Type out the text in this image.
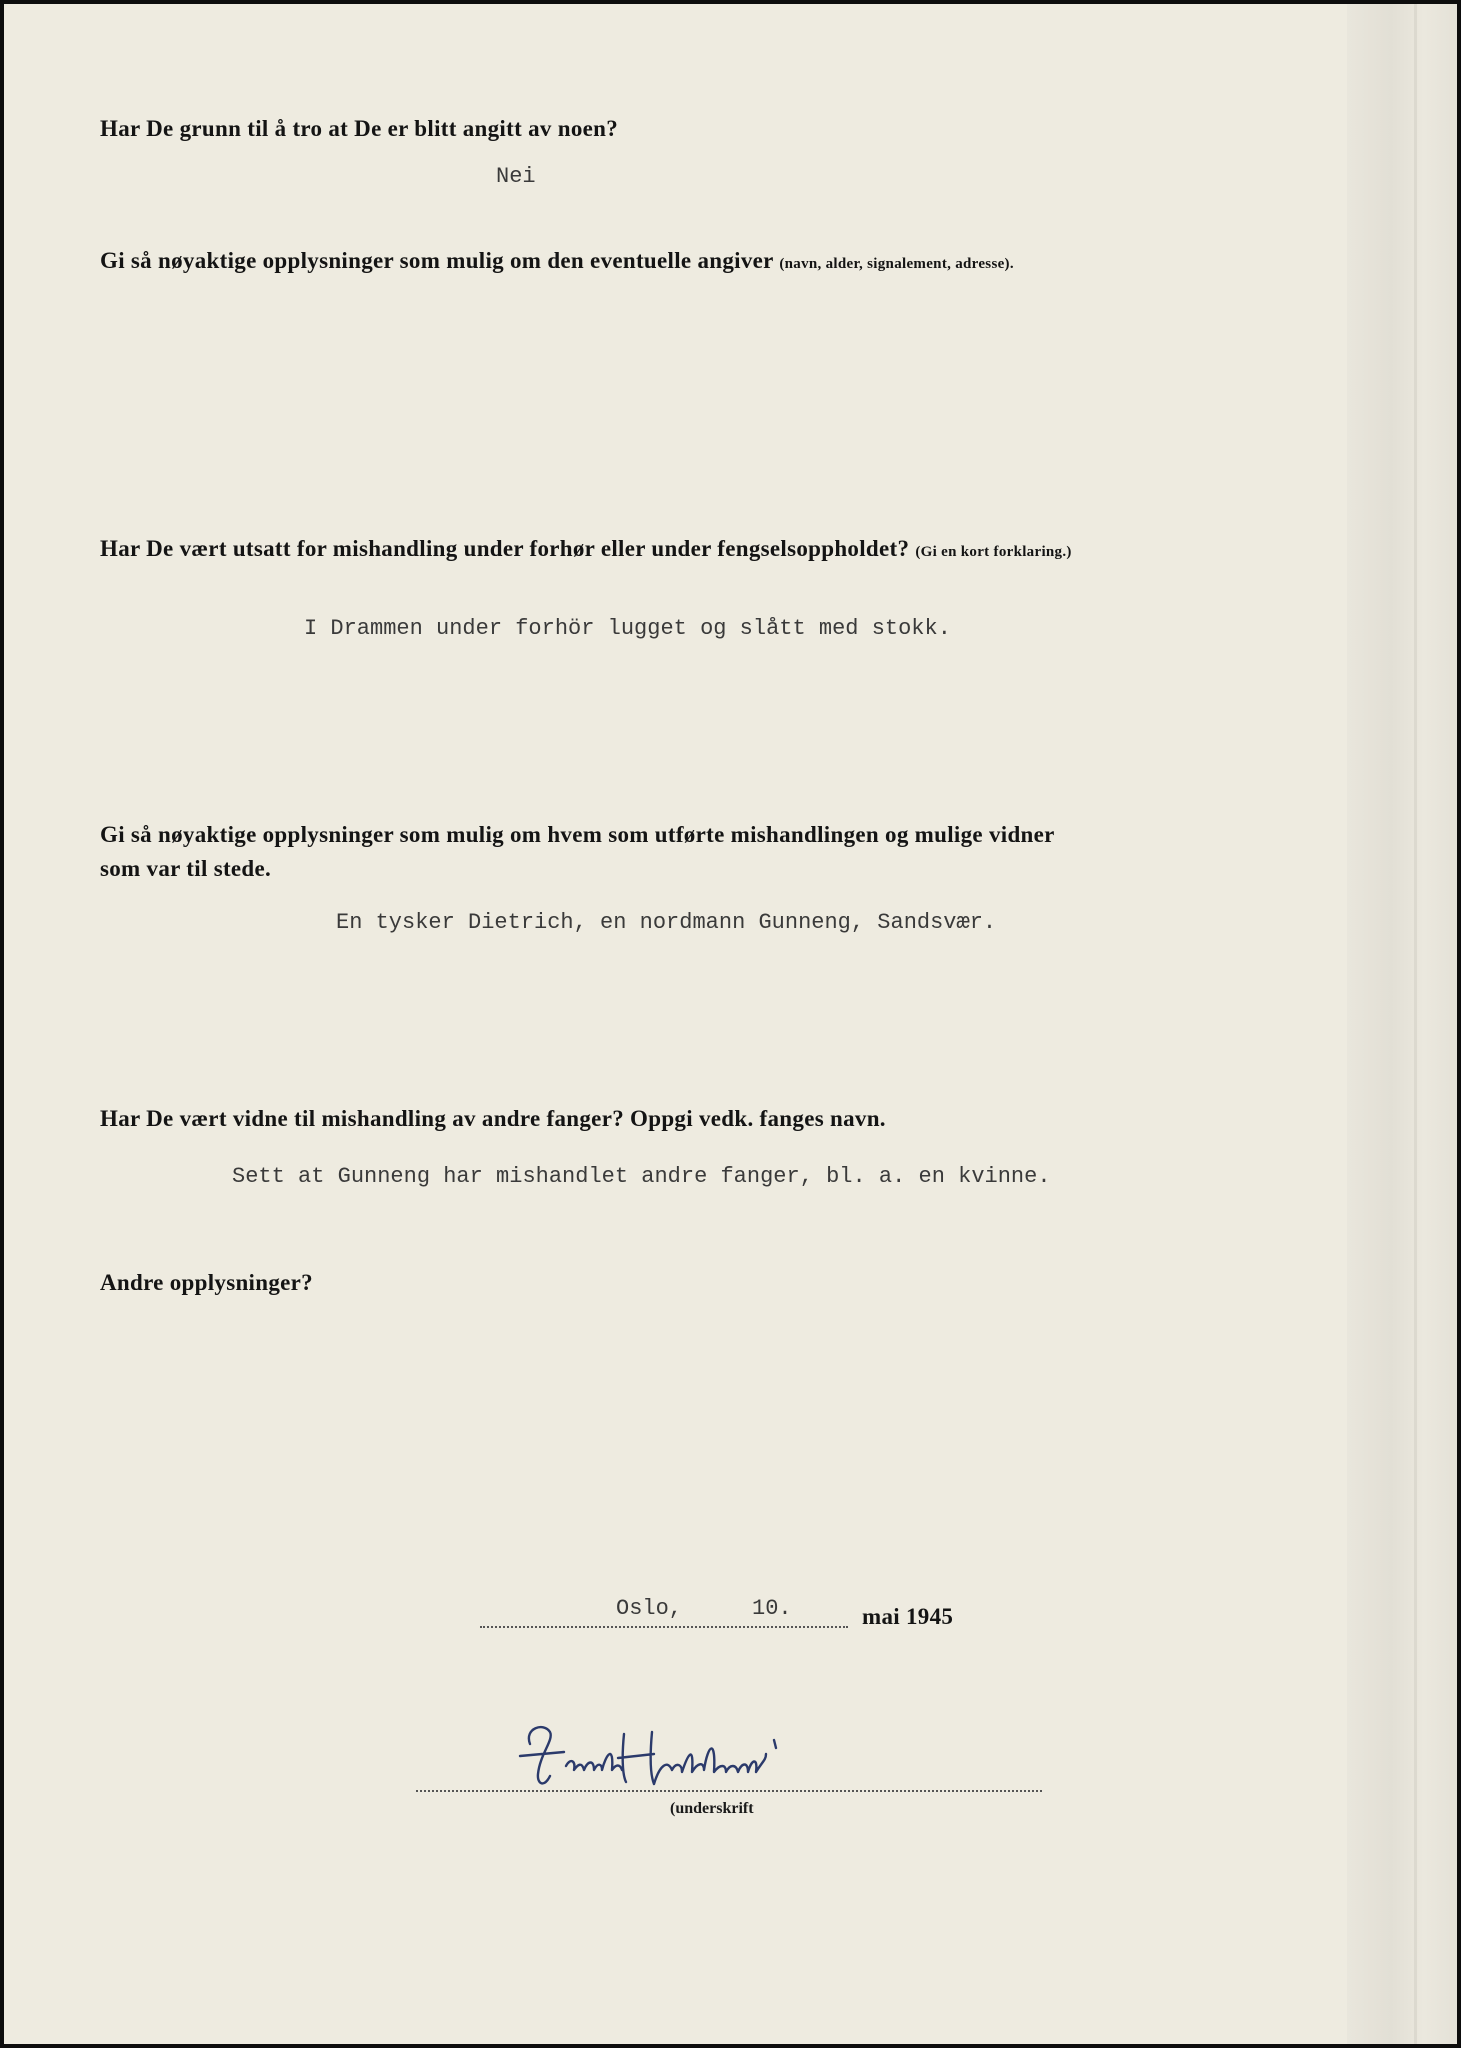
Har De grunn til å tro at De er blitt angitt av noen?
Nei
Gi så nøyaktige opplysninger som mulig om den eventuelle angiver (navn, alder, signalement, adresse).
Har De vært utsatt for mishandling under forhør eller under fengselsoppholdet? (Gi en kort forklaring.)
I Drammen under forhör lugget og slått med stokk.
Gi så nøyaktige opplysninger som mulig om hvem som utførte mishandlingen og mulige vidner
som var til stede.
En tysker Dietrich, en nordmann Gunneng, Sandsvær.
Har De vært vidne til mishandling av andre fanger? Oppgi vedk. fanges navn.
Sett at Gunneng har mishandlet andre fanger, bl. a. en kvinne.
Andre opplysninger?
Oslo,	10.	mai 1945
(underskrift
